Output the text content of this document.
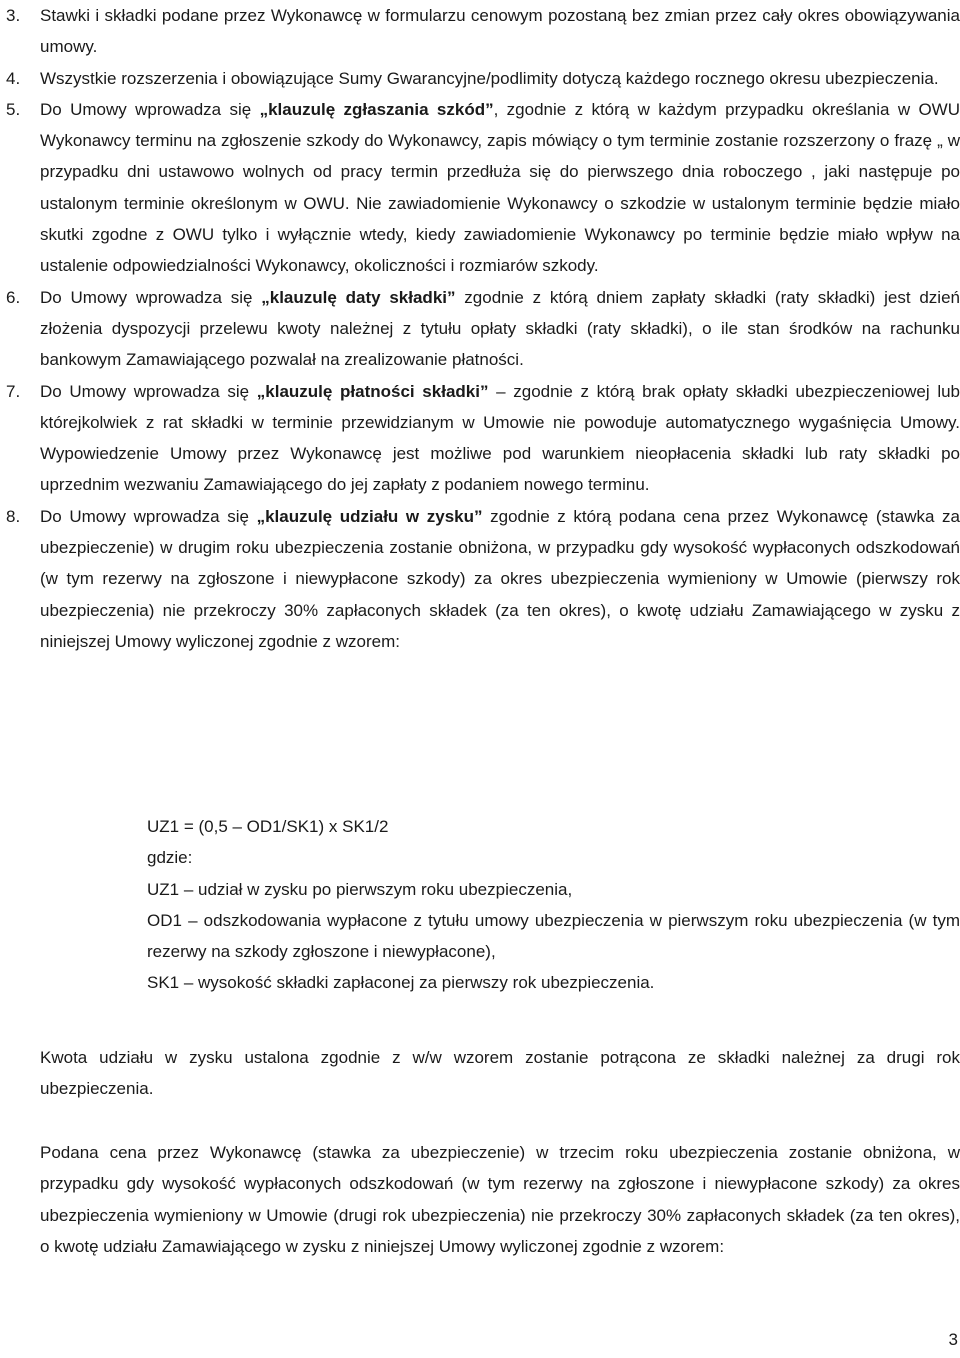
3. Stawki i składki podane przez Wykonawcę w formularzu cenowym pozostaną bez zmian przez cały okres obowiązywania umowy.
4. Wszystkie rozszerzenia i obowiązujące Sumy Gwarancyjne/podlimity dotyczą każdego rocznego okresu ubezpieczenia.
5. Do Umowy wprowadza się „klauzulę zgłaszania szkód”, zgodnie z którą w każdym przypadku określania w OWU Wykonawcy terminu na zgłoszenie szkody do Wykonawcy, zapis mówiący o tym terminie zostanie rozszerzony o frazę „ w przypadku dni ustawowo wolnych od pracy termin przedłuża się do pierwszego dnia roboczego , jaki następuje po ustalonym terminie określonym w OWU. Nie zawiadomienie Wykonawcy o szkodzie w ustalonym terminie będzie miało skutki zgodne z OWU tylko i wyłącznie wtedy, kiedy zawiadomienie Wykonawcy po terminie będzie miało wpływ na ustalenie odpowiedzialności Wykonawcy, okoliczności i rozmiarów szkody.
6. Do Umowy wprowadza się „klauzulę daty składki” zgodnie z którą dniem zapłaty składki (raty składki) jest dzień złożenia dyspozycji przelewu kwoty należnej z tytułu opłaty składki (raty składki), o ile stan środków na rachunku bankowym Zamawiającego pozwalał na zrealizowanie płatności.
7. Do Umowy wprowadza się „klauzulę płatności składki” – zgodnie z którą brak opłaty składki ubezpieczeniowej lub którejkolwiek z rat składki w terminie przewidzianym w Umowie nie powoduje automatycznego wygaśnięcia Umowy. Wypowiedzenie Umowy przez Wykonawcę jest możliwe pod warunkiem nieopłacenia składki lub raty składki po uprzednim wezwaniu Zamawiającego do jej zapłaty z podaniem nowego terminu.
8. Do Umowy wprowadza się „klauzulę udziału w zysku” zgodnie z którą podana cena przez Wykonawcę (stawka za ubezpieczenie) w drugim roku ubezpieczenia zostanie obniżona, w przypadku gdy wysokość wypłaconych odszkodowań (w tym rezerwy na zgłoszone i niewypłacone szkody) za okres ubezpieczenia wymieniony w Umowie (pierwszy rok ubezpieczenia) nie przekroczy 30% zapłaconych składek (za ten okres), o kwotę udziału Zamawiającego w zysku z niniejszej Umowy wyliczonej zgodnie z wzorem:

UZ1 = (0,5 – OD1/SK1) x SK1/2

gdzie:

UZ1 – udział w zysku po pierwszym roku ubezpieczenia,

OD1 – odszkodowania wypłacone z tytułu umowy ubezpieczenia w pierwszym roku ubezpieczenia (w tym rezerwy na szkody zgłoszone i niewypłacone),

SK1 – wysokość składki zapłaconej za pierwszy rok ubezpieczenia.

Kwota udziału w zysku ustalona zgodnie z w/w wzorem zostanie potrącona ze składki należnej za drugi rok ubezpieczenia.

Podana cena przez Wykonawcę (stawka za ubezpieczenie) w trzecim roku ubezpieczenia zostanie obniżona, w przypadku gdy wysokość wypłaconych odszkodowań (w tym rezerwy na zgłoszone i niewypłacone szkody) za okres ubezpieczenia wymieniony w Umowie (drugi rok ubezpieczenia) nie przekroczy 30% zapłaconych składek (za ten okres), o kwotę udziału Zamawiającego w zysku z niniejszej Umowy wyliczonej zgodnie z wzorem:

3
